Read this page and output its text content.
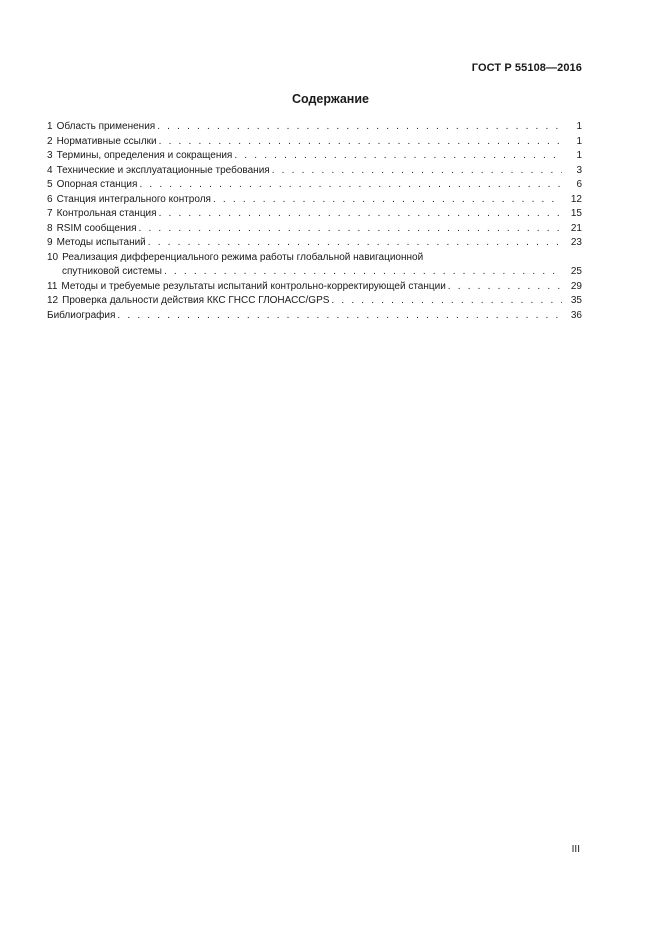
ГОСТ Р 55108—2016
Содержание
1 Область применения . . .	1
2 Нормативные ссылки . . .	1
3 Термины, определения и сокращения . . .	1
4 Технические и эксплуатационные требования . . .	3
5 Опорная станция . . .	6
6 Станция интегрального контроля . . .	12
7 Контрольная станция . . .	15
8 RSIM сообщения . . .	21
9 Методы испытаний . . .	23
10 Реализация дифференциального режима работы глобальной навигационной
спутниковой системы . . .	25
11 Методы и требуемые результаты испытаний контрольно-корректирующей станции . . .	29
12 Проверка дальности действия ККС ГНСС ГЛОНАСС/GPS . . .	35
Библиография . . .	36
III
